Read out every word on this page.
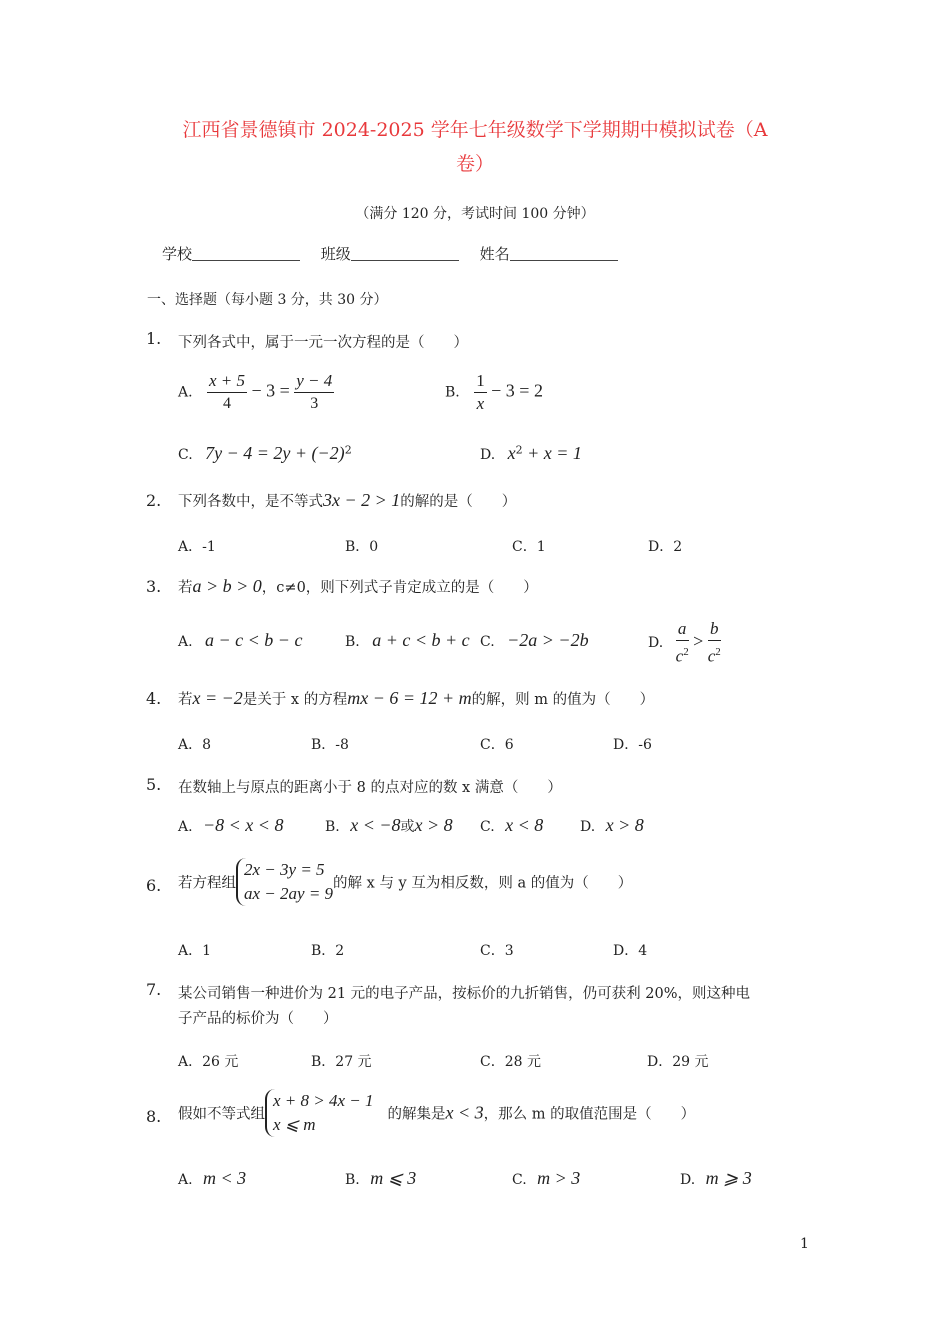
江西省景德镇市 2024-2025 学年七年级数学下学期期中模拟试卷（A
卷）
（满分 120 分，考试时间 100 分钟）
学校	班级	姓名
一、选择题（每小题 3 分，共 30 分）
1. 下列各式中，属于一元一次方程的是（　　）
A. $\frac{x + 5}{4} - 3 = \frac{y - 4}{3}$	B. $\frac{1}{x} - 3 = 2$
C. $7y - 4 = 2y + (-2)^2$	D. $x^2 + x = 1$
2. 下列各数中，是不等式3x − 2 > 1的解的是（　　）
A．-1	B．0	C．1	D．2
3. 若a > b > 0，c≠0，则下列式子肯定成立的是（　　）
A. a − c < b − c	B. a + c < b + c C. −2a > −2b	D. $\frac{a}{c^2} > \frac{b}{c^2}$
4. 若x = −2是关于 x 的方程mx − 6 = 12 + m的解，则 m 的值为（　　）
A．8	B．-8	C．6	D．-6
5. 在数轴上与原点的距离小于 8 的点对应的数 x 满意（　　）
A. −8 < x < 8	B. x < −8或x > 8 C. x < 8	D. x > 8
6. 若方程组
2x − 3y = 5
ax − 2ay = 9
的解 x 与 y 互为相反数，则 a 的值为（　　）
A．1	B．2	C．3	D．4
7. 某公司销售一种进价为 21 元的电子产品，按标价的九折销售，仍可获利 20%，则这种电
子产品的标价为（　　）
A．26 元	B．27 元	C．28 元	D．29 元
8. 假如不等式组
x + 8 > 4x − 1
x ⩽ m
的解集是x < 3，那么 m 的取值范围是（　　）
A. m < 3	B. m ⩽ 3	C. m > 3	D. m ⩾ 3
1
